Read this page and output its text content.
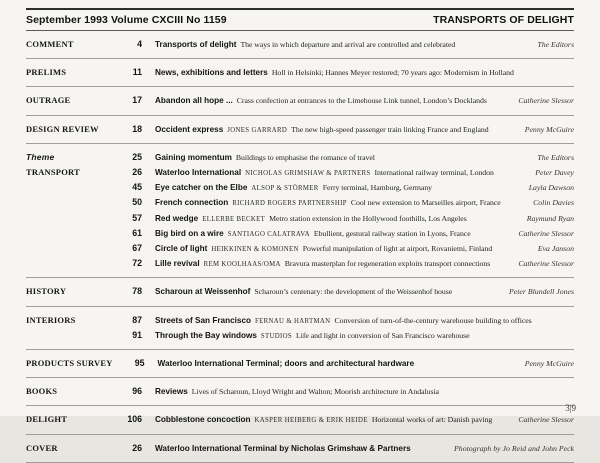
September 1993 Volume CXCIII No 1159	TRANSPORTS OF DELIGHT
COMMENT	4 Transports of delight The ways in which departure and arrival are controlled and celebrated	The Editors
PRELIMS	11 News, exhibitions and letters Holl in Helsinki; Hannes Meyer restored; 70 years ago: Modernism in Holland
OUTRAGE	17 Abandon all hope ... Crass confection at entrances to the Limehouse Link tunnel, London’s Docklands	Catherine Slessor
DESIGN REVIEW	18 Occident express JONES GARRARD The new high-speed passenger train linking France and England	Penny McGuire
Theme	25 Gaining momentum Buildings to emphasise the romance of travel	The Editors
TRANSPORT	26 Waterloo International NICHOLAS GRIMSHAW & PARTNERS International railway terminal, London	Peter Davey
45 Eye catcher on the Elbe ALSOP & STÖRMER Ferry terminal, Hamburg, Germany	Layla Dawson
50 French connection RICHARD ROGERS PARTNERSHIP Cool new extension to Marseilles airport, France	Colin Davies
57 Red wedge ELLERBE BECKET Metro station extension in the Hollywood foothills, Los Angeles	Raymund Ryan
61 Big bird on a wire SANTIAGO CALATRAVA Ebullient, gestural railway station in Lyons, France	Catherine Slessor
67 Circle of light HEIKKINEN & KOMONEN Powerful manipulation of light at airport, Rovaniemi, Finland	Eva Janson
72 Lille revival REM KOOLHAAS/OMA Bravura masterplan for regeneration exploits transport connections	Catherine Slessor
HISTORY	78 Scharoun at Weissenhof Scharoun’s centenary: the development of the Weissenhof house	Peter Blundell Jones
INTERIORS	87 Streets of San Francisco FERNAU & HARTMAN Conversion of turn-of-the-century warehouse building to offices
91 Through the Bay windows STUDIOS Life and light in conversion of San Francisco warehouse
PRODUCTS SURVEY	95 Waterloo International Terminal; doors and architectural hardware	Penny McGuire
BOOKS	96 Reviews Lives of Scharoun, Lloyd Wright and Walton; Moorish architecture in Andalusia
DELIGHT	106 Cobblestone concoction KASPER HEIBERG & ERIK HEIDE Horizontal works of art: Danish paving	Catherine Slessor
COVER	26 Waterloo International Terminal by Nicholas Grimshaw & Partners	Photograph by Jo Reid and John Peck
3|9
